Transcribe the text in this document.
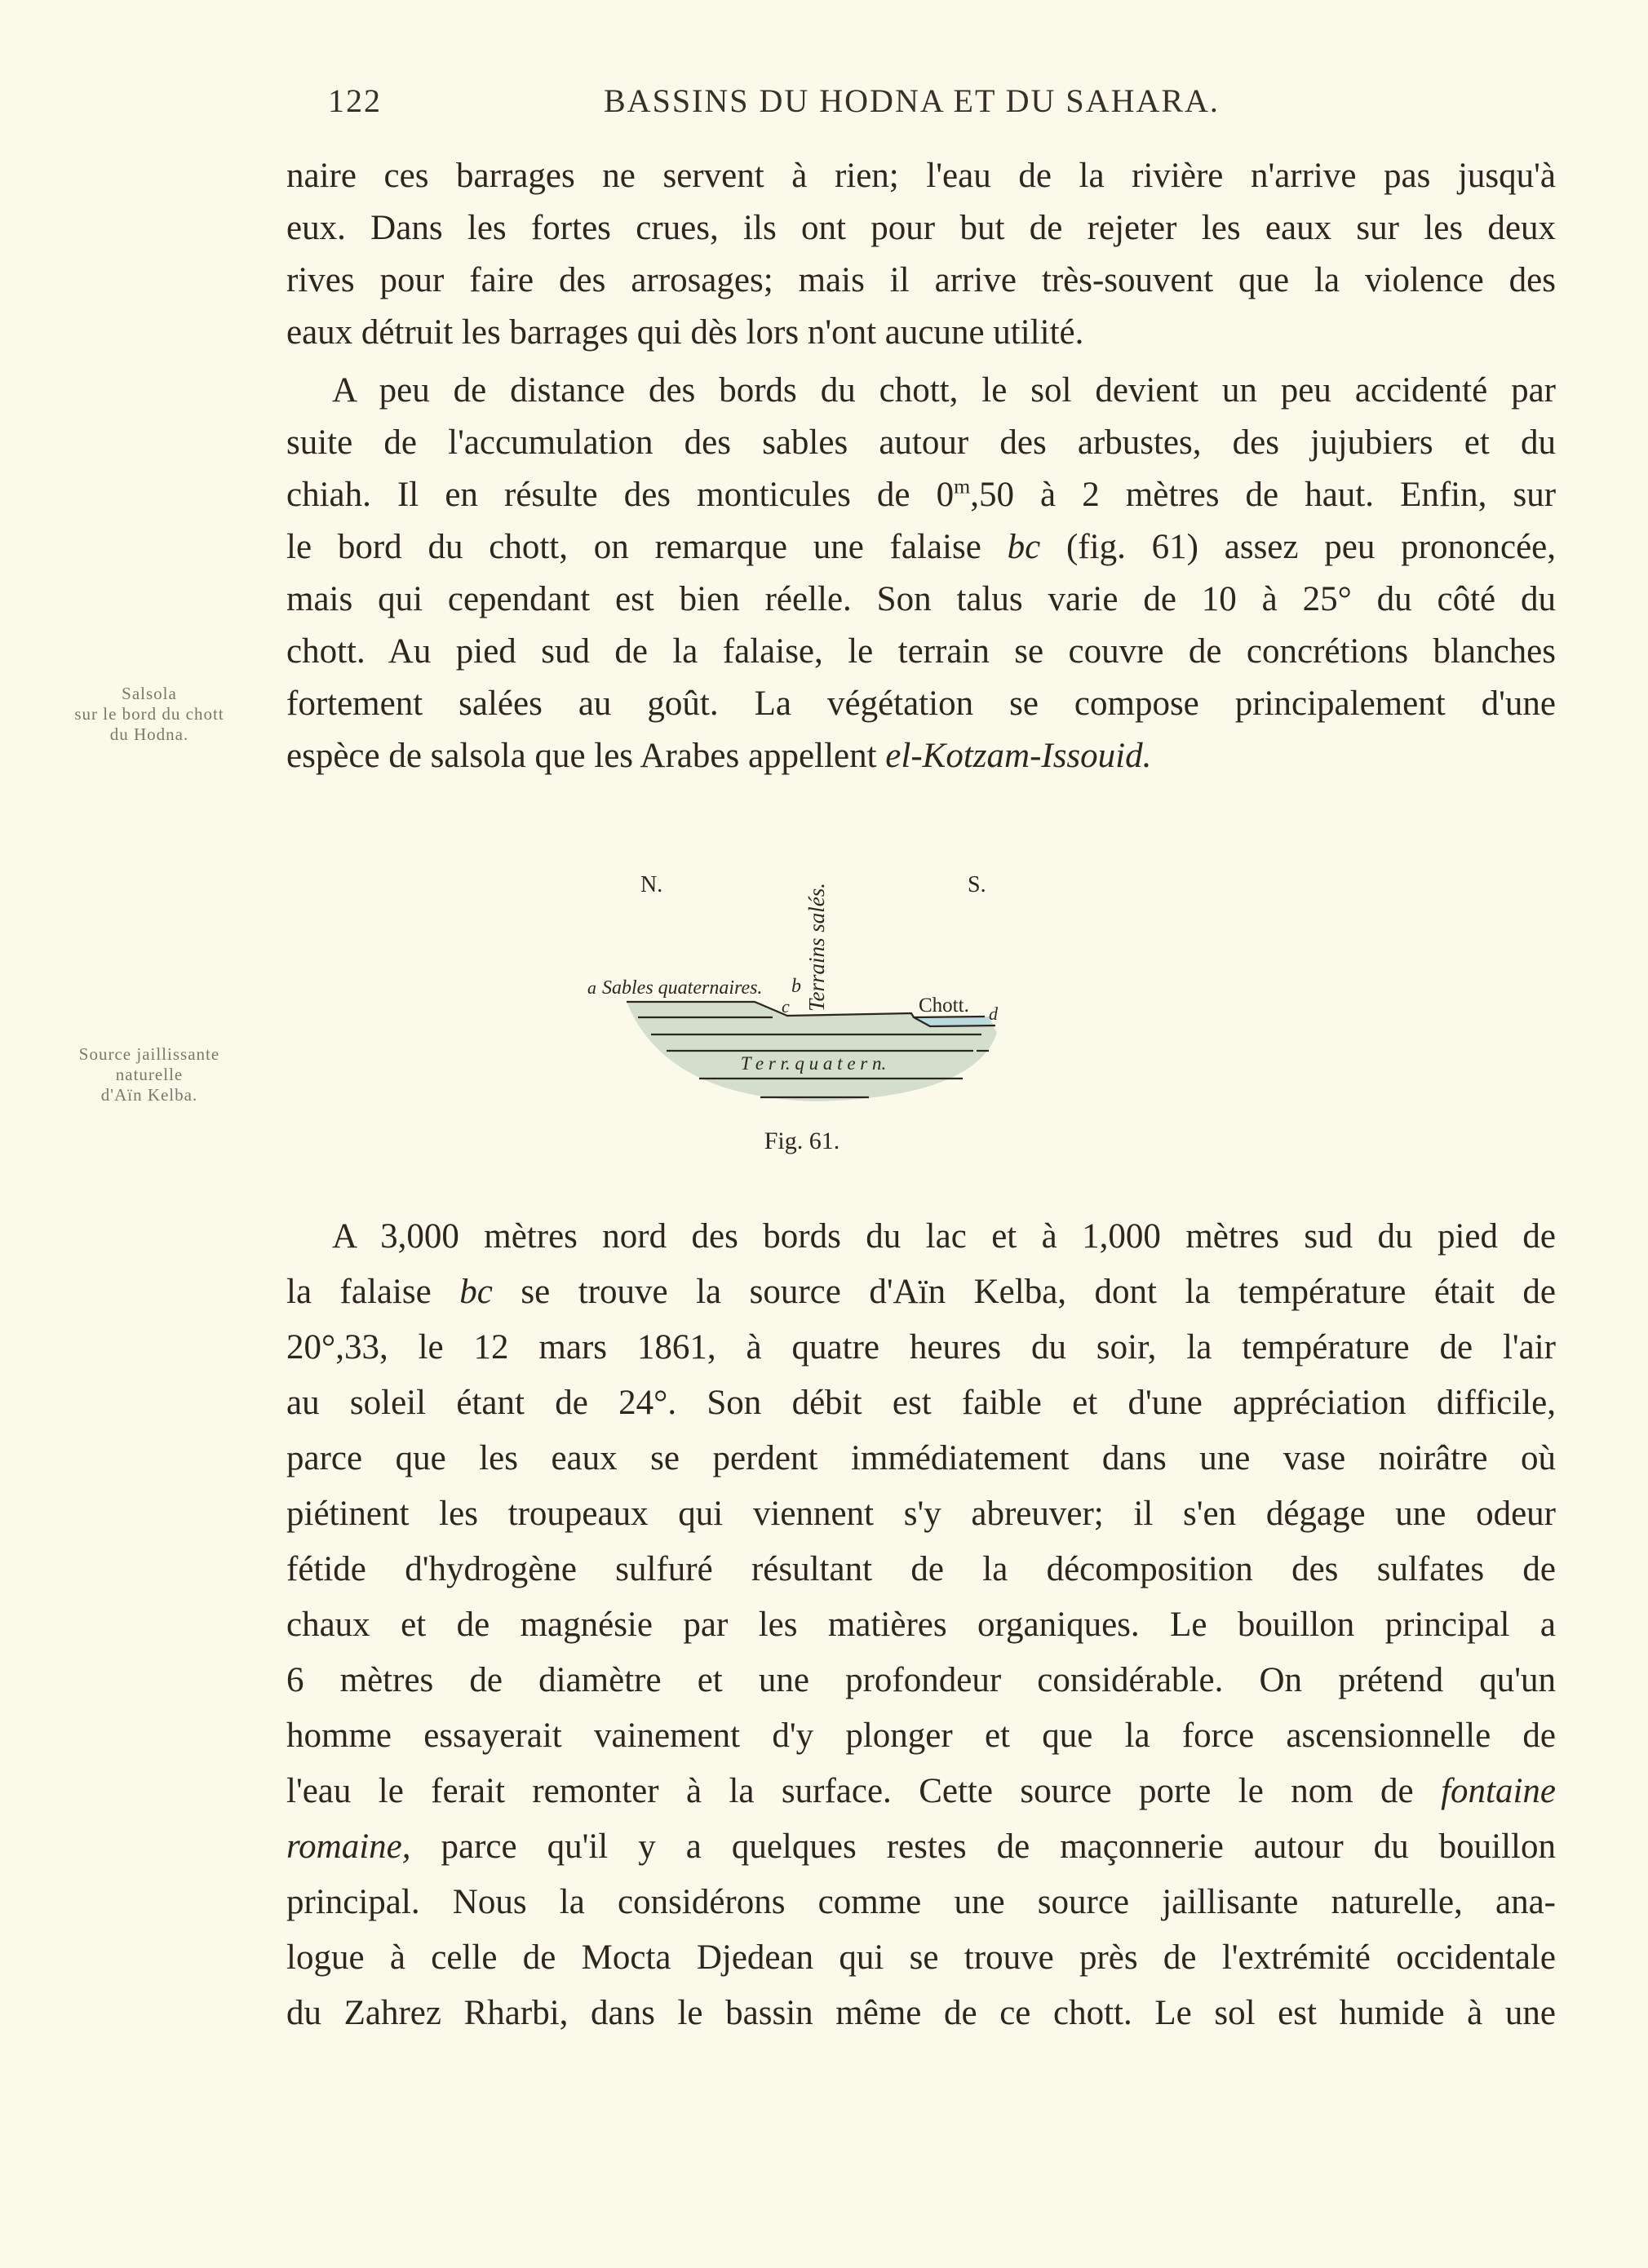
122	BASSINS DU HODNA ET DU SAHARA.
Salsola
sur le bord du chott
du Hodna.
Source jaillissante
naturelle
d'Aïn Kelba.
naire ces barrages ne servent à rien; l'eau de la rivière n'arrive pas jusqu'à
eux. Dans les fortes crues, ils ont pour but de rejeter les eaux sur les deux
rives pour faire des arrosages; mais il arrive très-souvent que la violence des
eaux détruit les barrages qui dès lors n'ont aucune utilité.
A peu de distance des bords du chott, le sol devient un peu accidenté par
suite de l'accumulation des sables autour des arbustes, des jujubiers et du
chiah. Il en résulte des monticules de 0$^m$,50 à 2 mètres de haut. Enfin, sur
le bord du chott, on remarque une falaise bc (fig. 61) assez peu prononcée,
mais qui cependant est bien réelle. Son talus varie de 10 à 25° du côté du
chott. Au pied sud de la falaise, le terrain se couvre de concrétions blanches
fortement salées au goût. La végétation se compose principalement d'une
espèce de salsola que les Arabes appellent el-Kotzam-Issouid.
A 3,000 mètres nord des bords du lac et à 1,000 mètres sud du pied de
la falaise bc se trouve la source d'Aïn Kelba, dont la température était de
20°,33, le 12 mars 1861, à quatre heures du soir, la température de l'air
au soleil étant de 24°. Son débit est faible et d'une appréciation difficile,
parce que les eaux se perdent immédiatement dans une vase noirâtre où
piétinent les troupeaux qui viennent s'y abreuver; il s'en dégage une odeur
fétide d'hydrogène sulfuré résultant de la décomposition des sulfates de
chaux et de magnésie par les matières organiques. Le bouillon principal a
6 mètres de diamètre et une profondeur considérable. On prétend qu'un
homme essayerait vainement d'y plonger et que la force ascensionnelle de
l'eau le ferait remonter à la surface. Cette source porte le nom de fontaine
romaine, parce qu'il y a quelques restes de maçonnerie autour du bouillon
principal. Nous la considérons comme une source jaillisante naturelle, ana-
logue à celle de Mocta Djedean qui se trouve près de l'extrémité occidentale
du Zahrez Rharbi, dans le bassin même de ce chott. Le sol est humide à une
N.	S.
Terrains salés.
a Sables quaternaires. b
c	Chott. d
T e r r. q u a t e r n.
Fig. 61.
